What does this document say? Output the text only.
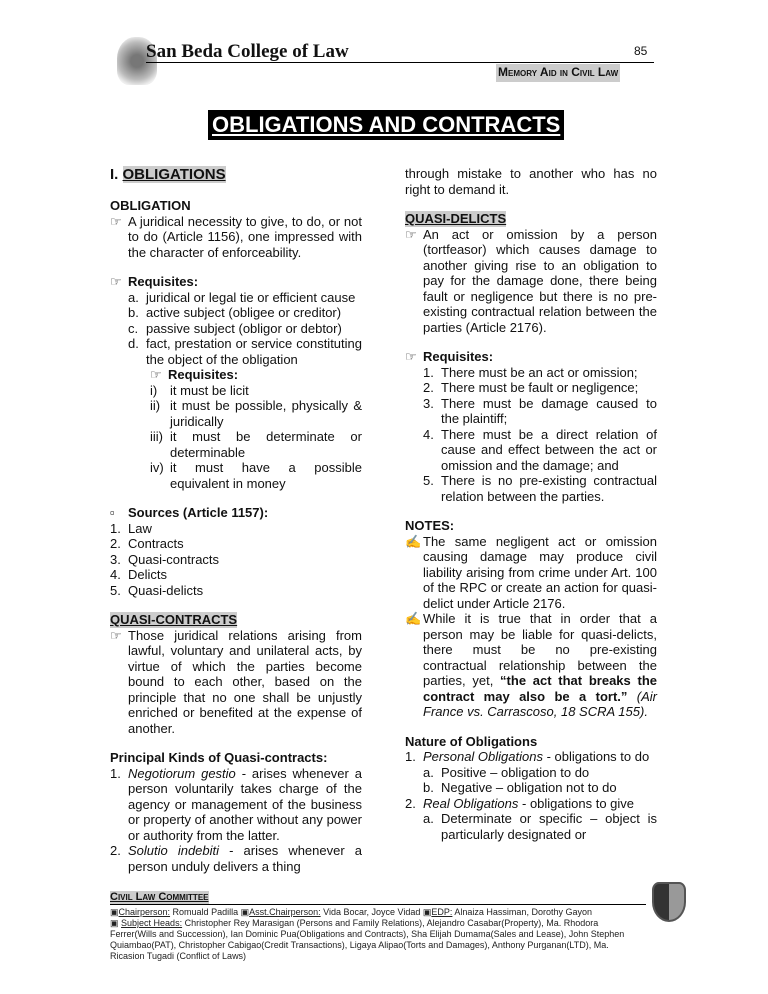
San Beda College of Law	85
Memory Aid in Civil Law
OBLIGATIONS AND CONTRACTS
I. OBLIGATIONS
OBLIGATION
☞ A juridical necessity to give, to do, or not to do (Article 1156), one impressed with the character of enforceability.
☞ Requisites:
a. juridical or legal tie or efficient cause
b. active subject (obligee or creditor)
c. passive subject (obligor or debtor)
d. fact, prestation or service constituting the object of the obligation
☞ Requisites:
i) it must be licit
ii) it must be possible, physically & juridically
iii) it must be determinate or determinable
iv) it must have a possible equivalent in money
▫	Sources (Article 1157):
1. Law
2. Contracts
3. Quasi-contracts
4. Delicts
5. Quasi-delicts
QUASI-CONTRACTS
☞ Those juridical relations arising from lawful, voluntary and unilateral acts, by virtue of which the parties become bound to each other, based on the principle that no one shall be unjustly enriched or benefited at the expense of another.
Principal Kinds of Quasi-contracts:
1. Negotiorum gestio - arises whenever a person voluntarily takes charge of the agency or management of the business or property of another without any power or authority from the latter.
2. Solutio indebiti - arises whenever a person unduly delivers a thing
through mistake to another who has no right to demand it.
QUASI-DELICTS
☞ An act or omission by a person (tortfeasor) which causes damage to another giving rise to an obligation to pay for the damage done, there being fault or negligence but there is no pre-existing contractual relation between the parties (Article 2176).
☞ Requisites:
1. There must be an act or omission;
2. There must be fault or negligence;
3. There must be damage caused to the plaintiff;
4. There must be a direct relation of cause and effect between the act or omission and the damage; and
5. There is no pre-existing contractual relation between the parties.
NOTES:
✍ The same negligent act or omission causing damage may produce civil liability arising from crime under Art. 100 of the RPC or create an action for quasi-delict under Article 2176.
✍ While it is true that in order that a person may be liable for quasi-delicts, there must be no pre-existing contractual relationship between the parties, yet, “the act that breaks the contract may also be a tort.” (Air France vs. Carrascoso, 18 SCRA 155).
Nature of Obligations
1. Personal Obligations - obligations to do
a. Positive – obligation to do
b. Negative – obligation not to do
2. Real Obligations - obligations to give
a. Determinate or specific – object is particularly designated or
Civil Law Committee
▣Chairperson: Romuald Padilla ▣Asst.Chairperson: Vida Bocar, Joyce Vidad ▣EDP: Alnaiza Hassiman, Dorothy Gayon
▣ Subject Heads: Christopher Rey Marasigan (Persons and Family Relations), Alejandro Casabar(Property), Ma. Rhodora Ferrer(Wills and Succession), Ian Dominic Pua(Obligations and Contracts), Sha Elijah Dumama(Sales and Lease), John Stephen Quiambao(PAT), Christopher Cabigao(Credit Transactions), Ligaya Alipao(Torts and Damages), Anthony Purganan(LTD), Ma. Ricasion Tugadi (Conflict of Laws)
